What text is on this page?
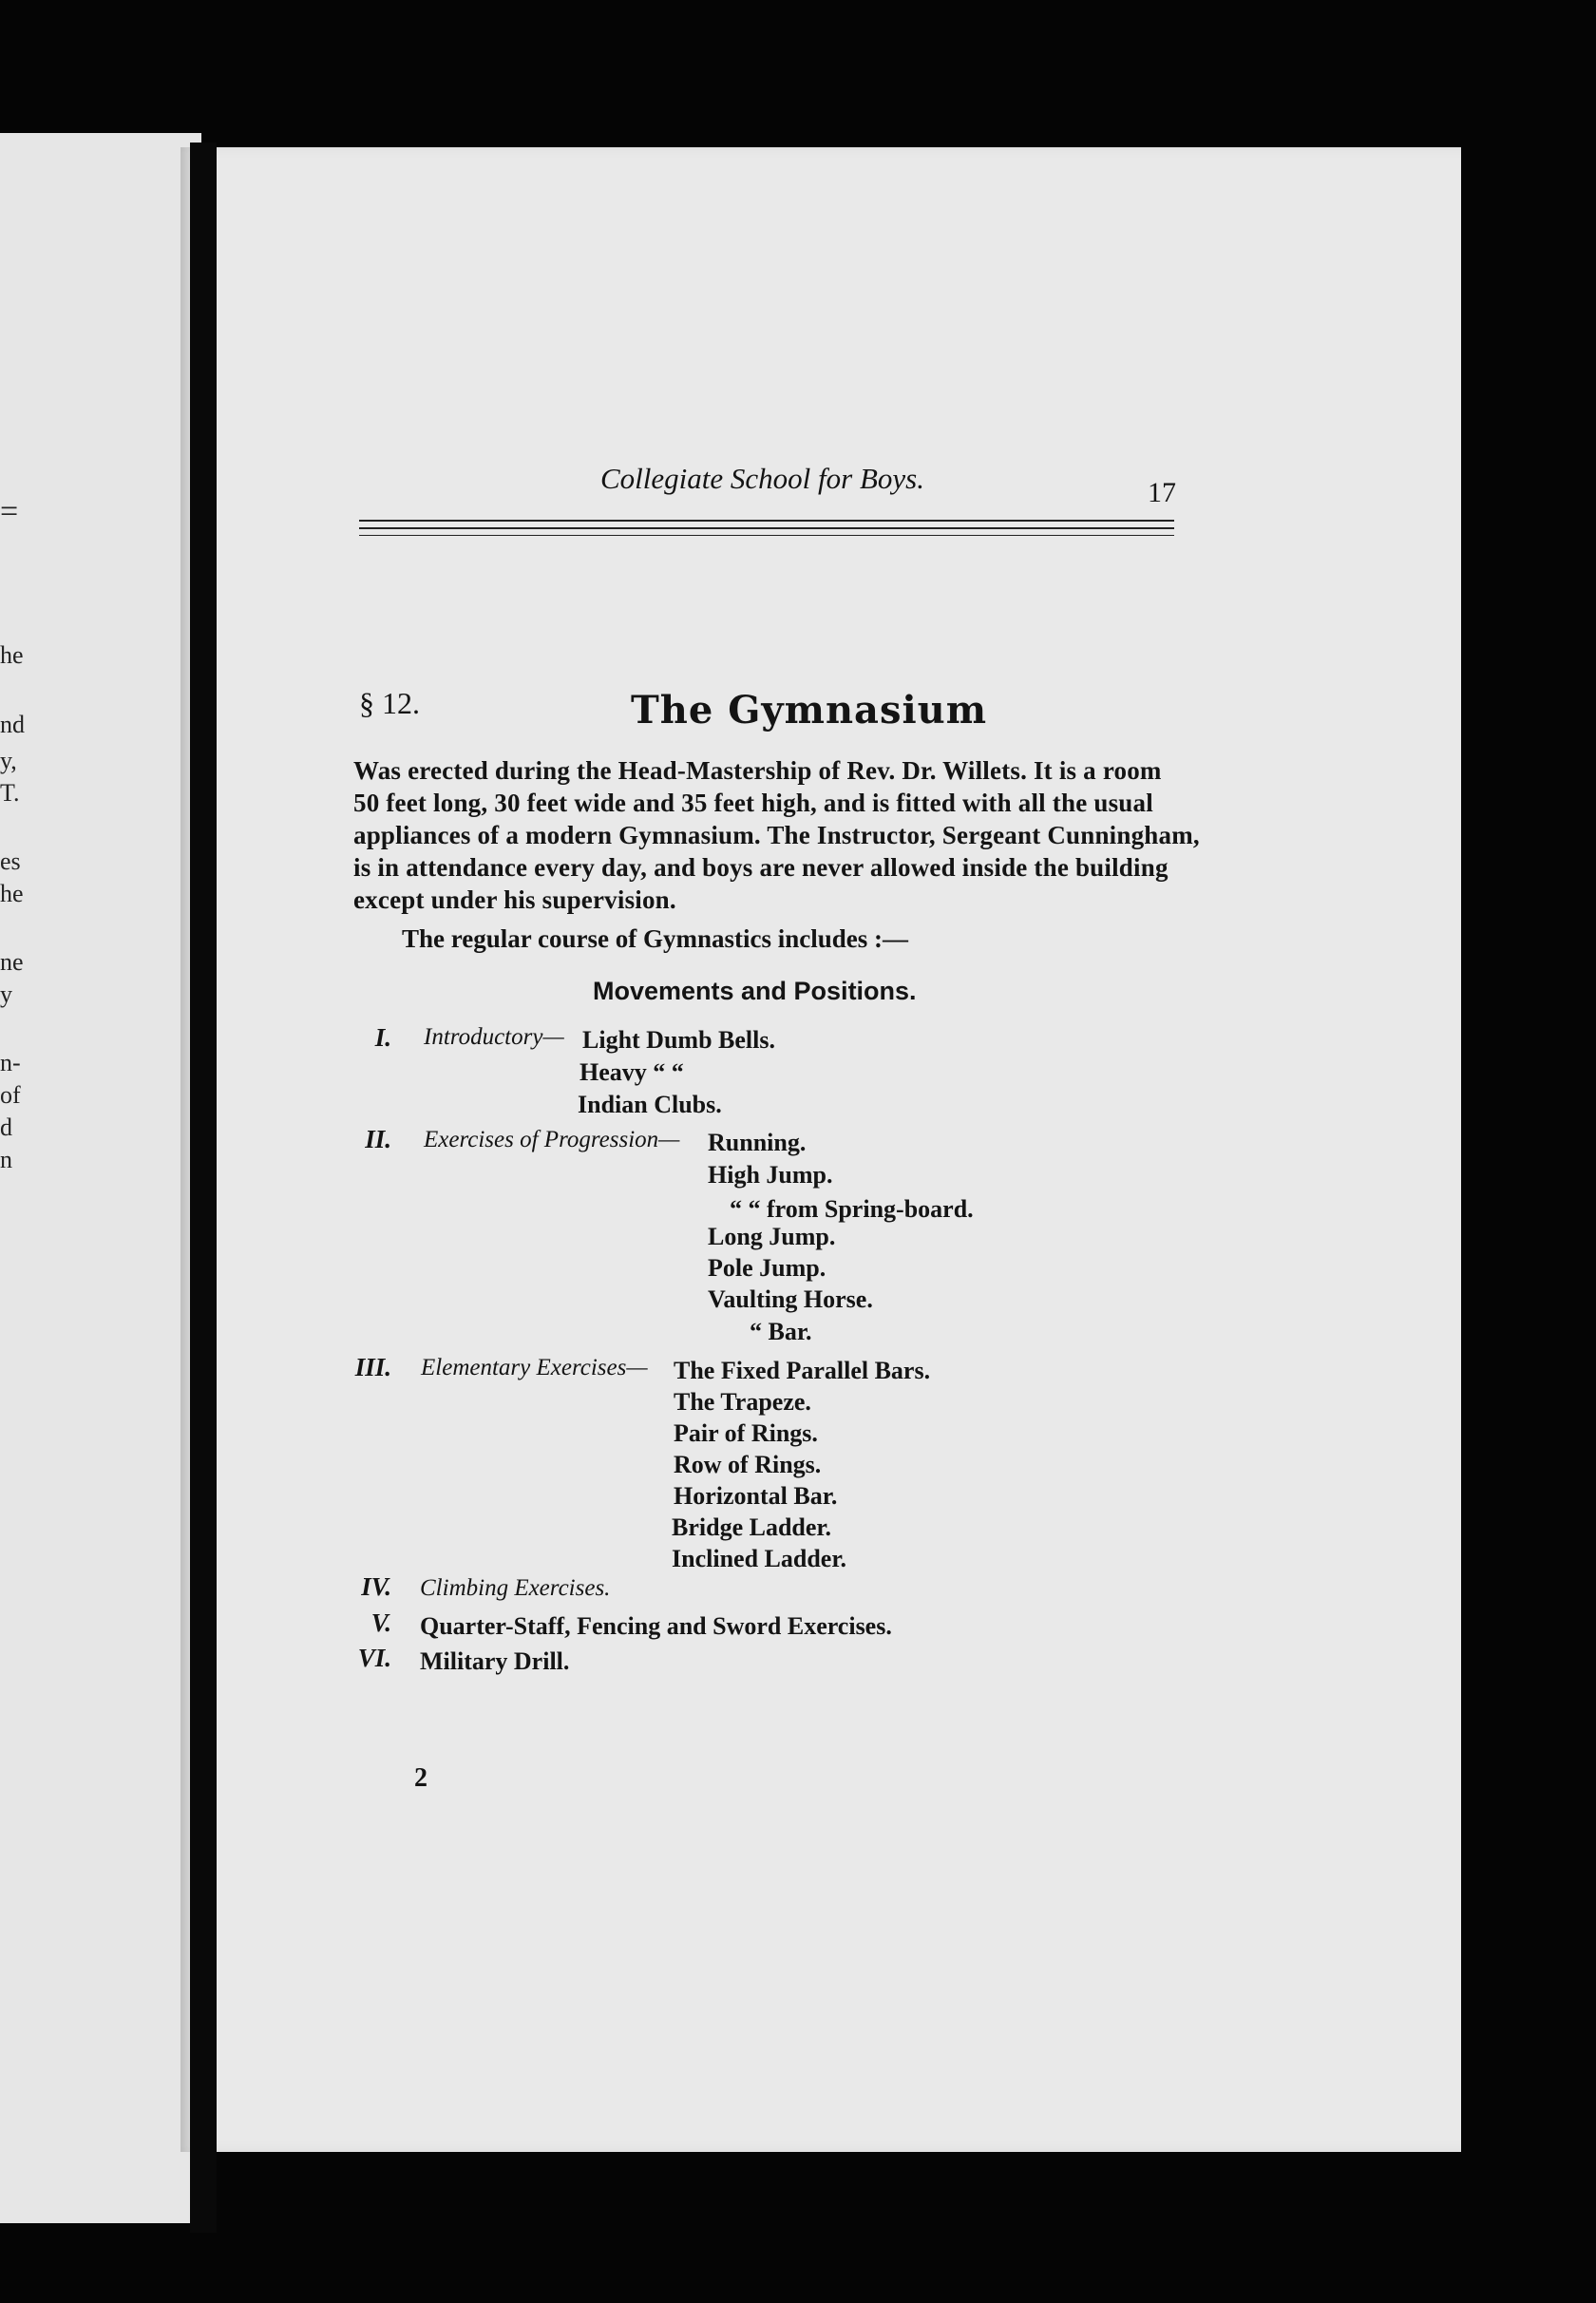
=
he
nd
y,
T.
es
he
ne
y
n-
of
d
n
Collegiate School for Boys.	17
§ 12.	The Gymnasium
Was erected during the Head-Mastership of Rev. Dr. Willets. It is a room
50 feet long, 30 feet wide and 35 feet high, and is fitted with all the usual
appliances of a modern Gymnasium. The Instructor, Sergeant Cunningham,
is in attendance every day, and boys are never allowed inside the building
except under his supervision.
The regular course of Gymnastics includes :—
Movements and Positions.
I. Introductory— Light Dumb Bells.
Heavy “ “
Indian Clubs.
II. Exercises of Progression— Running.
High Jump.
“ “ from Spring-board.
Long Jump.
Pole Jump.
Vaulting Horse.
“ Bar.
III. Elementary Exercises— The Fixed Parallel Bars.
The Trapeze.
Pair of Rings.
Row of Rings.
Horizontal Bar.
Bridge Ladder.
Inclined Ladder.
IV. Climbing Exercises.
V. Quarter-Staff, Fencing and Sword Exercises.
VI. Military Drill.
2
